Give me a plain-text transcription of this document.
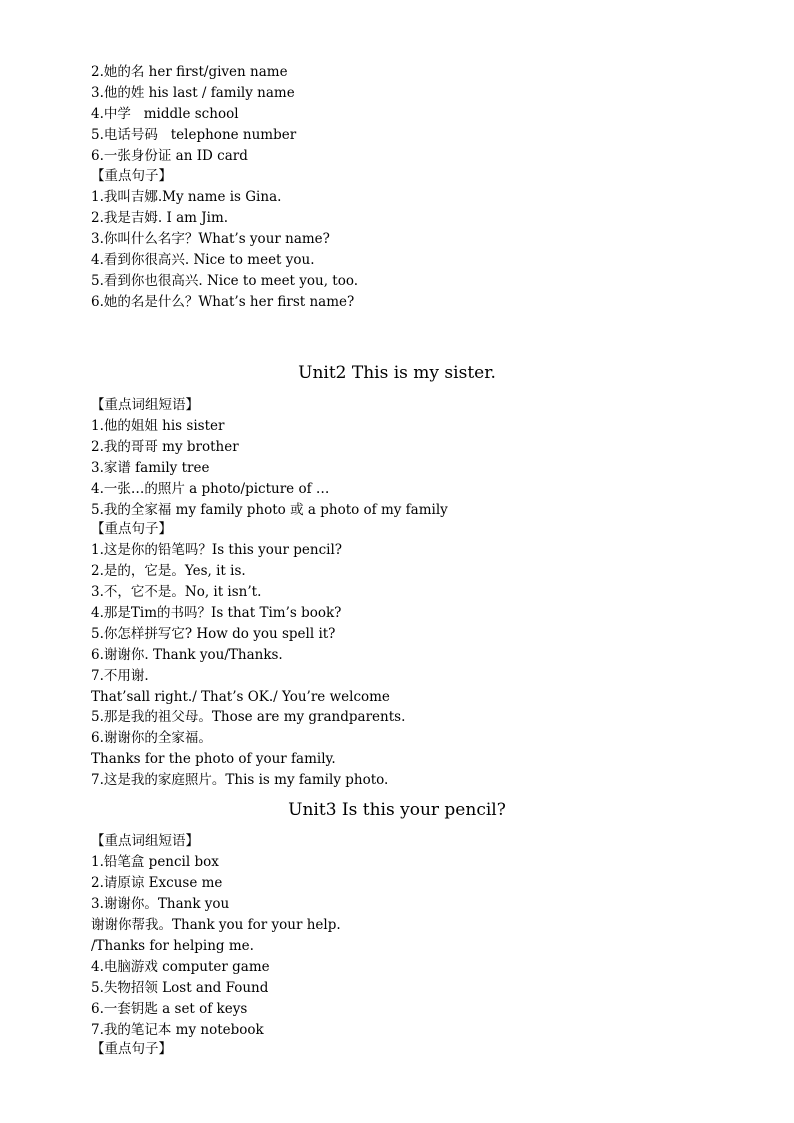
2.她的名 her first/given name
3.他的姓 his last / family name
4.中学   middle school
5.电话号码   telephone number
6.一张身份证 an ID card
【重点句子】
1.我叫吉娜.My name is Gina.
2.我是吉姆. I am Jim.
3.你叫什么名字？What’s your name?
4.看到你很高兴. Nice to meet you.
5.看到你也很高兴. Nice to meet you, too.
6.她的名是什么？What’s her first name?
Unit2 This is my sister.
【重点词组短语】
1.他的姐姐 his sister
2.我的哥哥 my brother
3.家谱 family tree
4.一张…的照片 a photo/picture of …
5.我的全家福 my family photo 或 a photo of my family
【重点句子】
1.这是你的铅笔吗？Is this your pencil?
2.是的，它是。Yes, it is.
3.不，它不是。No, it isn’t.
4.那是Tim的书吗？Is that Tim’s book?
5.你怎样拼写它? How do you spell it?
6.谢谢你. Thank you/Thanks.
7.不用谢.
That’sall right./ That’s OK./ You’re welcome
5.那是我的祖父母。Those are my grandparents.
6.谢谢你的全家福。
Thanks for the photo of your family.
7.这是我的家庭照片。This is my family photo.
Unit3 Is this your pencil?
【重点词组短语】
1.铅笔盒 pencil box
2.请原谅 Excuse me
3.谢谢你。Thank you
谢谢你帮我。Thank you for your help.
/Thanks for helping me.
4.电脑游戏 computer game
5.失物招领 Lost and Found
6.一套钥匙 a set of keys
7.我的笔记本 my notebook
【重点句子】
